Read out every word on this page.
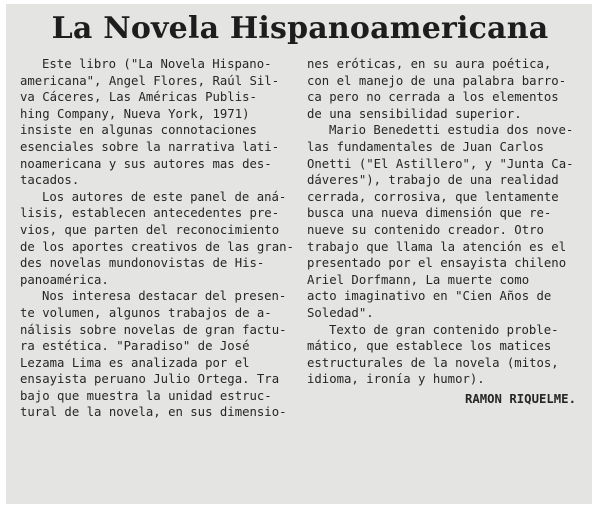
La Novela Hispanoamericana

Este libro ("La Novela Hispano-

americana", Angel Flores, Raúl Sil-

va Cáceres, Las Américas Publis-

hing Company, Nueva York, 1971)

insiste en algunas connotaciones

esenciales sobre la narrativa lati-

noamericana y sus autores mas des-

tacados.

Los autores de este panel de aná-

lisis, establecen antecedentes pre-

vios, que parten del reconocimiento

de los aportes creativos de las gran-

des novelas mundonovistas de His-

panoamérica.

Nos interesa destacar del presen-

te volumen, algunos trabajos de a-

nálisis sobre novelas de gran factu-

ra estética. "Paradiso" de José

Lezama Lima es analizada por el

ensayista peruano Julio Ortega. Tra

bajo que muestra la unidad estruc-

tural de la novela, en sus dimensio-

nes eróticas, en su aura poética,

con el manejo de una palabra barro-

ca pero no cerrada a los elementos

de una sensibilidad superior.

Mario Benedetti estudia dos nove-

las fundamentales de Juan Carlos

Onetti ("El Astillero", y "Junta Ca-

dáveres"), trabajo de una realidad

cerrada, corrosiva, que lentamente

busca una nueva dimensión que re-

nueve su contenido creador. Otro

trabajo que llama la atención es el

presentado por el ensayista chileno

Ariel Dorfmann, La muerte como

acto imaginativo en "Cien Años de

Soledad".

Texto de gran contenido proble-

mático, que establece los matices

estructurales de la novela (mitos,

idioma, ironía y humor).

RAMON RIQUELME.
